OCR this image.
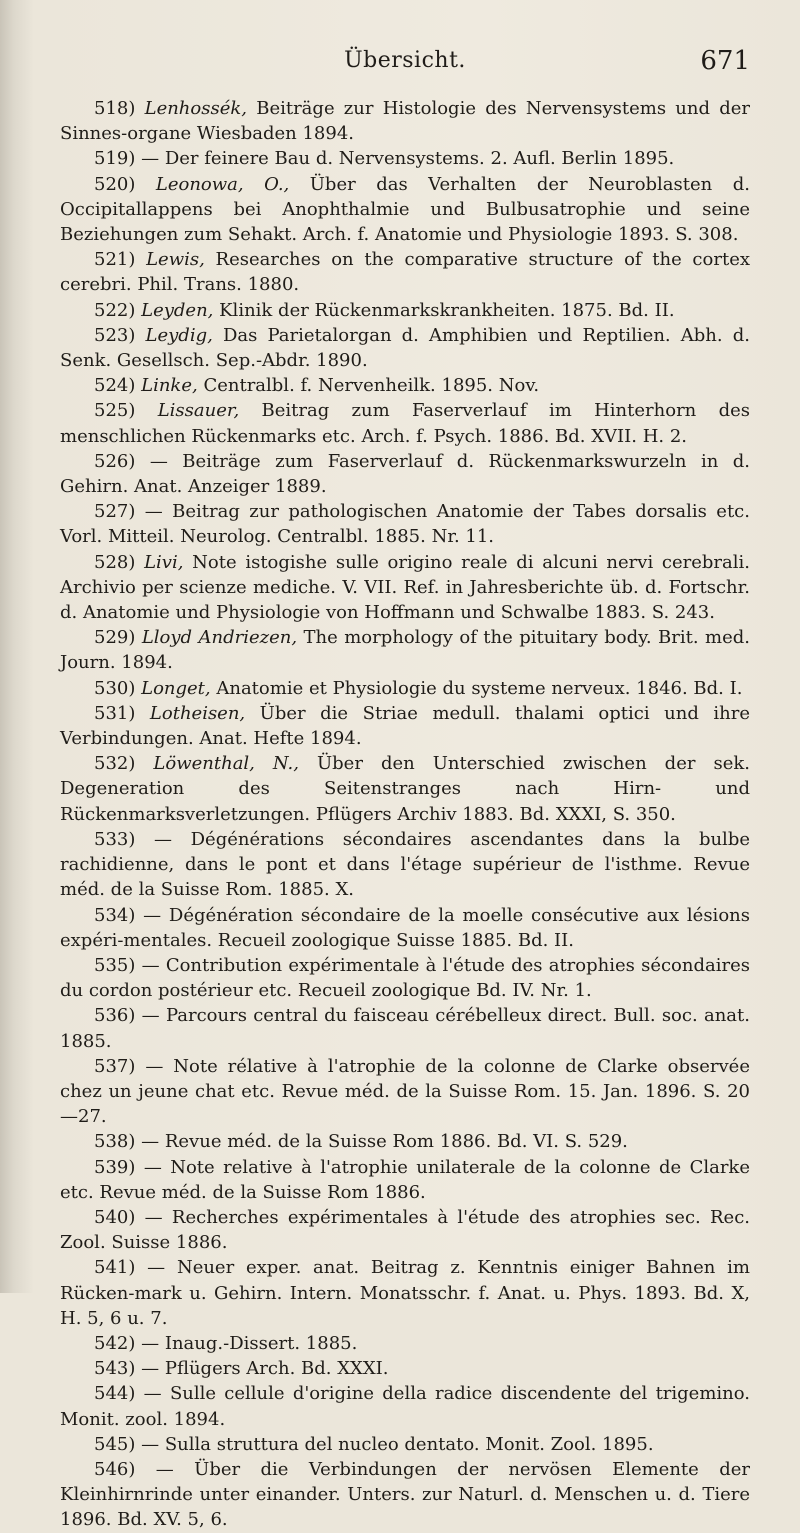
Übersicht.	671

518) Lenhossék, Beiträge zur Histologie des Nervensystems und der Sinnes-organe Wiesbaden 1894.

519) — Der feinere Bau d. Nervensystems. 2. Aufl. Berlin 1895.

520) Leonowa, O., Über das Verhalten der Neuroblasten d. Occipitallappens bei Anophthalmie und Bulbusatrophie und seine Beziehungen zum Sehakt. Arch. f. Anatomie und Physiologie 1893. S. 308.

521) Lewis, Researches on the comparative structure of the cortex cerebri. Phil. Trans. 1880.

522) Leyden, Klinik der Rückenmarkskrankheiten. 1875. Bd. II.

523) Leydig, Das Parietalorgan d. Amphibien und Reptilien. Abh. d. Senk. Gesellsch. Sep.-Abdr. 1890.

524) Linke, Centralbl. f. Nervenheilk. 1895. Nov.

525) Lissauer, Beitrag zum Faserverlauf im Hinterhorn des menschlichen Rückenmarks etc. Arch. f. Psych. 1886. Bd. XVII. H. 2.

526) — Beiträge zum Faserverlauf d. Rückenmarkswurzeln in d. Gehirn. Anat. Anzeiger 1889.

527) — Beitrag zur pathologischen Anatomie der Tabes dorsalis etc. Vorl. Mitteil. Neurolog. Centralbl. 1885. Nr. 11.

528) Livi, Note istogishe sulle origino reale di alcuni nervi cerebrali. Archivio per scienze mediche. V. VII. Ref. in Jahresberichte üb. d. Fortschr. d. Anatomie und Physiologie von Hoffmann und Schwalbe 1883. S. 243.

529) Lloyd Andriezen, The morphology of the pituitary body. Brit. med. Journ. 1894.

530) Longet, Anatomie et Physiologie du systeme nerveux. 1846. Bd. I.

531) Lotheisen, Über die Striae medull. thalami optici und ihre Verbindungen. Anat. Hefte 1894.

532) Löwenthal, N., Über den Unterschied zwischen der sek. Degeneration des Seitenstranges nach Hirn- und Rückenmarksverletzungen. Pflügers Archiv 1883. Bd. XXXI, S. 350.

533) — Dégénérations sécondaires ascendantes dans la bulbe rachidienne, dans le pont et dans l'étage supérieur de l'isthme. Revue méd. de la Suisse Rom. 1885. X.

534) — Dégénération sécondaire de la moelle consécutive aux lésions expéri-mentales. Recueil zoologique Suisse 1885. Bd. II.

535) — Contribution expérimentale à l'étude des atrophies sécondaires du cordon postérieur etc. Recueil zoologique Bd. IV. Nr. 1.

536) — Parcours central du faisceau cérébelleux direct. Bull. soc. anat. 1885.

537) — Note rélative à l'atrophie de la colonne de Clarke observée chez un jeune chat etc. Revue méd. de la Suisse Rom. 15. Jan. 1896. S. 20—27.

538) — Revue méd. de la Suisse Rom 1886. Bd. VI. S. 529.

539) — Note relative à l'atrophie unilaterale de la colonne de Clarke etc. Revue méd. de la Suisse Rom 1886.

540) — Recherches expérimentales à l'étude des atrophies sec. Rec. Zool. Suisse 1886.

541) — Neuer exper. anat. Beitrag z. Kenntnis einiger Bahnen im Rücken-mark u. Gehirn. Intern. Monatsschr. f. Anat. u. Phys. 1893. Bd. X, H. 5, 6 u. 7.

542) — Inaug.-Dissert. 1885.

543) — Pflügers Arch. Bd. XXXI.

544) — Sulle cellule d'origine della radice discendente del trigemino. Monit. zool. 1894.

545) — Sulla struttura del nucleo dentato. Monit. Zool. 1895.

546) — Über die Verbindungen der nervösen Elemente der Kleinhirnrinde unter einander. Unters. zur Naturl. d. Menschen u. d. Tiere 1896. Bd. XV. 5, 6.
